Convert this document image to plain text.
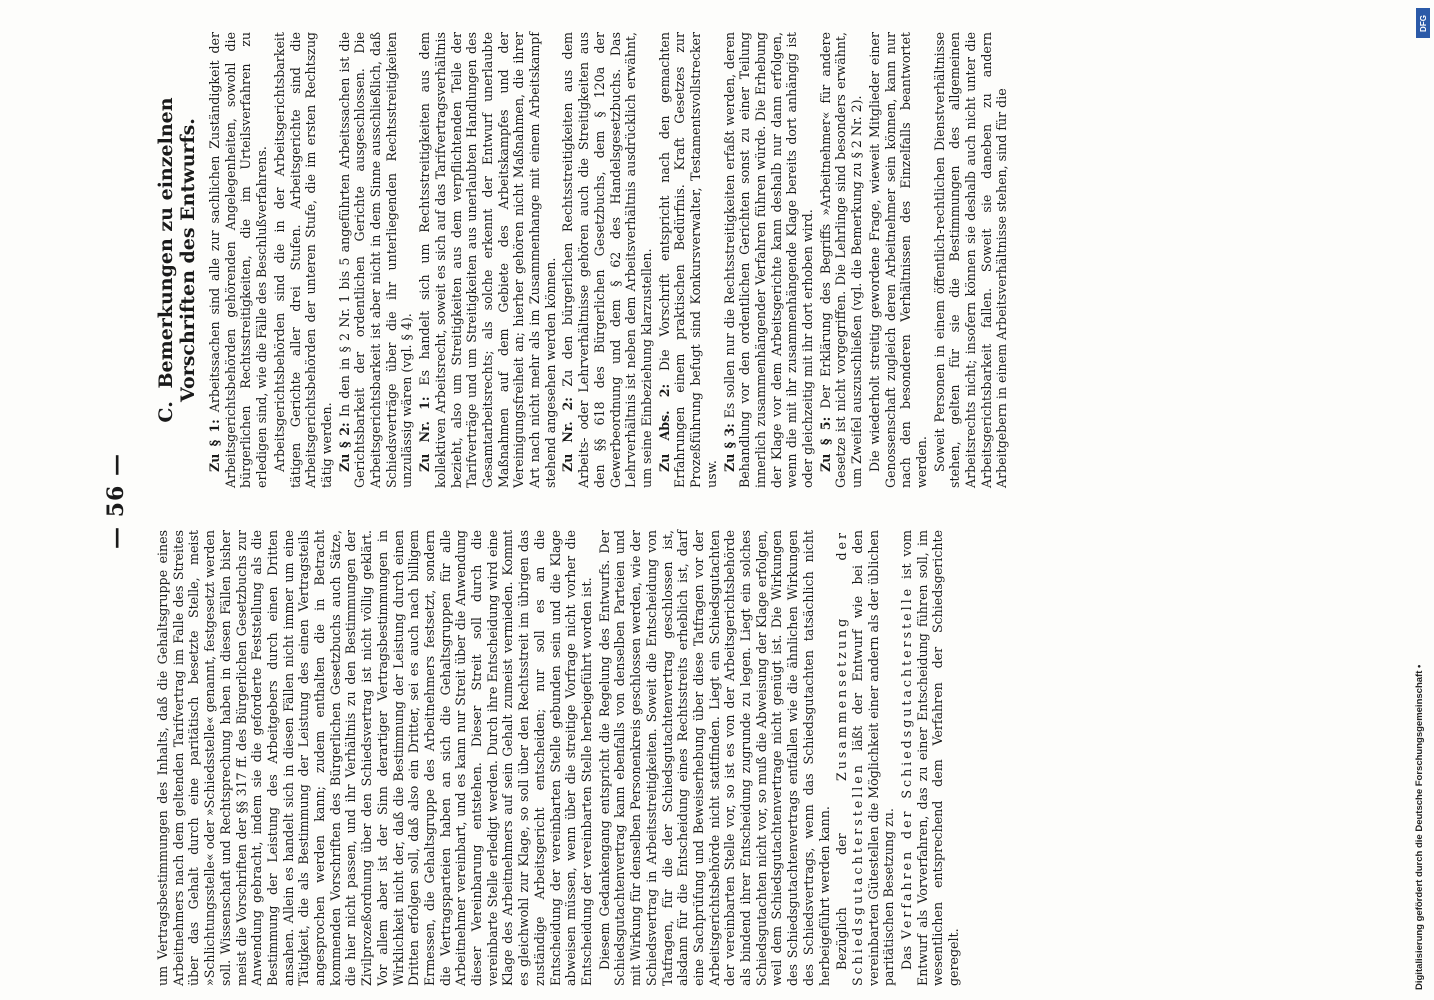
— 56 —

um Vertragsbestimmungen des Inhalts, daß die Gehaltsgruppe eines Arbeitnehmers nach dem geltenden Tarifvertrag im Falle des Streites über das Gehalt durch eine paritätisch besetzte Stelle, meist »Schlichtungsstelle« oder »Schiedsstelle« genannt, festgesetzt werden soll. Wissenschaft und Rechtsprechung haben in diesen Fällen bisher meist die Vorschriften der §§ 317 ff. des Bürgerlichen Gesetzbuchs zur Anwendung gebracht, indem sie die geforderte Feststellung als die Bestimmung der Leistung des Arbeitgebers durch einen Dritten ansahen. Allein es handelt sich in diesen Fällen nicht immer um eine Tätigkeit, die als Bestimmung der Leistung des einen Vertragsteils angesprochen werden kann; zudem enthalten die in Betracht kommenden Vorschriften des Bürgerlichen Gesetzbuchs auch Sätze, die hier nicht passen, und ihr Verhältnis zu den Bestimmungen der Zivilprozeßordnung über den Schiedsvertrag ist nicht völlig geklärt. Vor allem aber ist der Sinn derartiger Vertragsbestimmungen in Wirklichkeit nicht der, daß die Bestimmung der Leistung durch einen Dritten erfolgen soll, daß also ein Dritter, sei es auch nach billigem Ermessen, die Gehaltsgruppe des Arbeitnehmers festsetzt, sondern die Vertragsparteien haben an sich die Gehaltsgruppen für alle Arbeitnehmer vereinbart, und es kann nur Streit über die Anwendung dieser Vereinbarung entstehen. Dieser Streit soll durch die vereinbarte Stelle erledigt werden. Durch ihre Entscheidung wird eine Klage des Arbeitnehmers auf sein Gehalt zumeist vermieden. Kommt es gleichwohl zur Klage, so soll über den Rechtsstreit im übrigen das zuständige Arbeitsgericht entscheiden; nur soll es an die Entscheidung der vereinbarten Stelle gebunden sein und die Klage abweisen müssen, wenn über die streitige Vorfrage nicht vorher die Entscheidung der vereinbarten Stelle herbeigeführt worden ist. Diesem Gedankengang entspricht die Regelung des Entwurfs. Der Schiedsgutachtenvertrag kann ebenfalls von denselben Parteien und mit Wirkung für denselben Personenkreis geschlossen werden, wie der Schiedsvertrag in Arbeitsstreitigkeiten. Soweit die Entscheidung von Tatfragen, für die der Schiedsgutachtenvertrag geschlossen ist, alsdann für die Entscheidung eines Rechtsstreits erheblich ist, darf eine Sachprüfung und Beweiserhebung über diese Tatfragen vor der Arbeitsgerichtsbehörde nicht stattfinden. Liegt ein Schiedsgutachten der vereinbarten Stelle vor, so ist es von der Arbeitsgerichtsbehörde als bindend ihrer Entscheidung zugrunde zu legen. Liegt ein solches Schiedsgutachten nicht vor, so muß die Abweisung der Klage erfolgen, weil dem Schiedsgutachtenvertrage nicht genügt ist. Die Wirkungen des Schiedsgutachtenvertrags entfallen wie die ähnlichen Wirkungen des Schiedsvertrags, wenn das Schiedsgutachten tatsächlich nicht herbeigeführt werden kann. Bezüglich der Zusammensetzung der Schiedsgutachterstellen läßt der Entwurf wie bei den vereinbarten Gütestellen die Möglichkeit einer andern als der üblichen paritätischen Besetzung zu. Das Verfahren der Schiedsgutachterstelle ist vom Entwurf als Vorverfahren, das zu einer Entscheidung führen soll, im wesentlichen entsprechend dem Verfahren der Schiedsgerichte geregelt.

C. Bemerkungen zu einzelnen Vorschriften des Entwurfs.

Zu § 1: Arbeitssachen sind alle zur sachlichen Zuständigkeit der Arbeitsgerichtsbehörden gehörenden Angelegenheiten, sowohl die bürgerlichen Rechtsstreitigkeiten, die im Urteilsverfahren zu erledigen sind, wie die Fälle des Beschlußverfahrens. Arbeitsgerichtsbehörden sind die in der Arbeitsgerichtsbarkeit tätigen Gerichte aller drei Stufen. Arbeitsgerichte sind die Arbeitsgerichtsbehörden der unteren Stufe, die im ersten Rechtszug tätig werden. Zu § 2: In den in § 2 Nr. 1 bis 5 angeführten Arbeitssachen ist die Gerichtsbarkeit der ordentlichen Gerichte ausgeschlossen. Die Arbeitsgerichtsbarkeit ist aber nicht in dem Sinne ausschließlich, daß Schiedsverträge über die ihr unterliegenden Rechtsstreitigkeiten unzulässig wären (vgl. § 4). Zu Nr. 1: Es handelt sich um Rechtsstreitigkeiten aus dem kollektiven Arbeitsrecht, soweit es sich auf das Tarifvertragsverhältnis bezieht, also um Streitigkeiten aus dem verpflichtenden Teile der Tarifverträge und um Streitigkeiten aus unerlaubten Handlungen des Gesamtarbeitsrechts; als solche erkennt der Entwurf unerlaubte Maßnahmen auf dem Gebiete des Arbeitskampfes und der Vereinigungsfreiheit an; hierher gehören nicht Maßnahmen, die ihrer Art nach nicht mehr als im Zusammenhange mit einem Arbeitskampf stehend angesehen werden können. Zu Nr. 2: Zu den bürgerlichen Rechtsstreitigkeiten aus dem Arbeits- oder Lehrverhältnisse gehören auch die Streitigkeiten aus den §§ 618 des Bürgerlichen Gesetzbuchs, dem § 120a der Gewerbeordnung und dem § 62 des Handelsgesetzbuchs. Das Lehrverhältnis ist neben dem Arbeitsverhältnis ausdrücklich erwähnt, um seine Einbeziehung klarzustellen. Zu Abs. 2: Die Vorschrift entspricht nach den gemachten Erfahrungen einem praktischen Bedürfnis. Kraft Gesetzes zur Prozeßführung befugt sind Konkursverwalter, Testamentsvollstrecker usw.

Zu § 3: Es sollen nur die Rechtsstreitigkeiten erfaßt werden, deren Behandlung vor den ordentlichen Gerichten sonst zu einer Teilung innerlich zusammenhängender Verfahren führen würde. Die Erhebung der Klage vor dem Arbeitsgerichte kann deshalb nur dann erfolgen, wenn die mit ihr zusammenhängende Klage bereits dort anhängig ist oder gleichzeitig mit ihr dort erhoben wird. Zu § 5: Der Erklärung des Begriffs »Arbeitnehmer« für andere Gesetze ist nicht vorgegriffen. Die Lehrlinge sind besonders erwähnt, um Zweifel auszuschließen (vgl. die Bemerkung zu § 2 Nr. 2). Die wiederholt streitig gewordene Frage, wieweit Mitglieder einer Genossenschaft zugleich deren Arbeitnehmer sein können, kann nur nach den besonderen Verhältnissen des Einzelfalls beantwortet werden. Soweit Personen in einem öffentlich-rechtlichen Dienstverhältnisse stehen, gelten für sie die Bestimmungen des allgemeinen Arbeitsrechts nicht; insofern können sie deshalb auch nicht unter die Arbeitsgerichtsbarkeit fallen. Soweit sie daneben zu andern Arbeitgebern in einem Arbeitsverhältnisse stehen, sind für die

Digitalisierung gefördert durch die Deutsche Forschungsgemeinschaft •
DFG
